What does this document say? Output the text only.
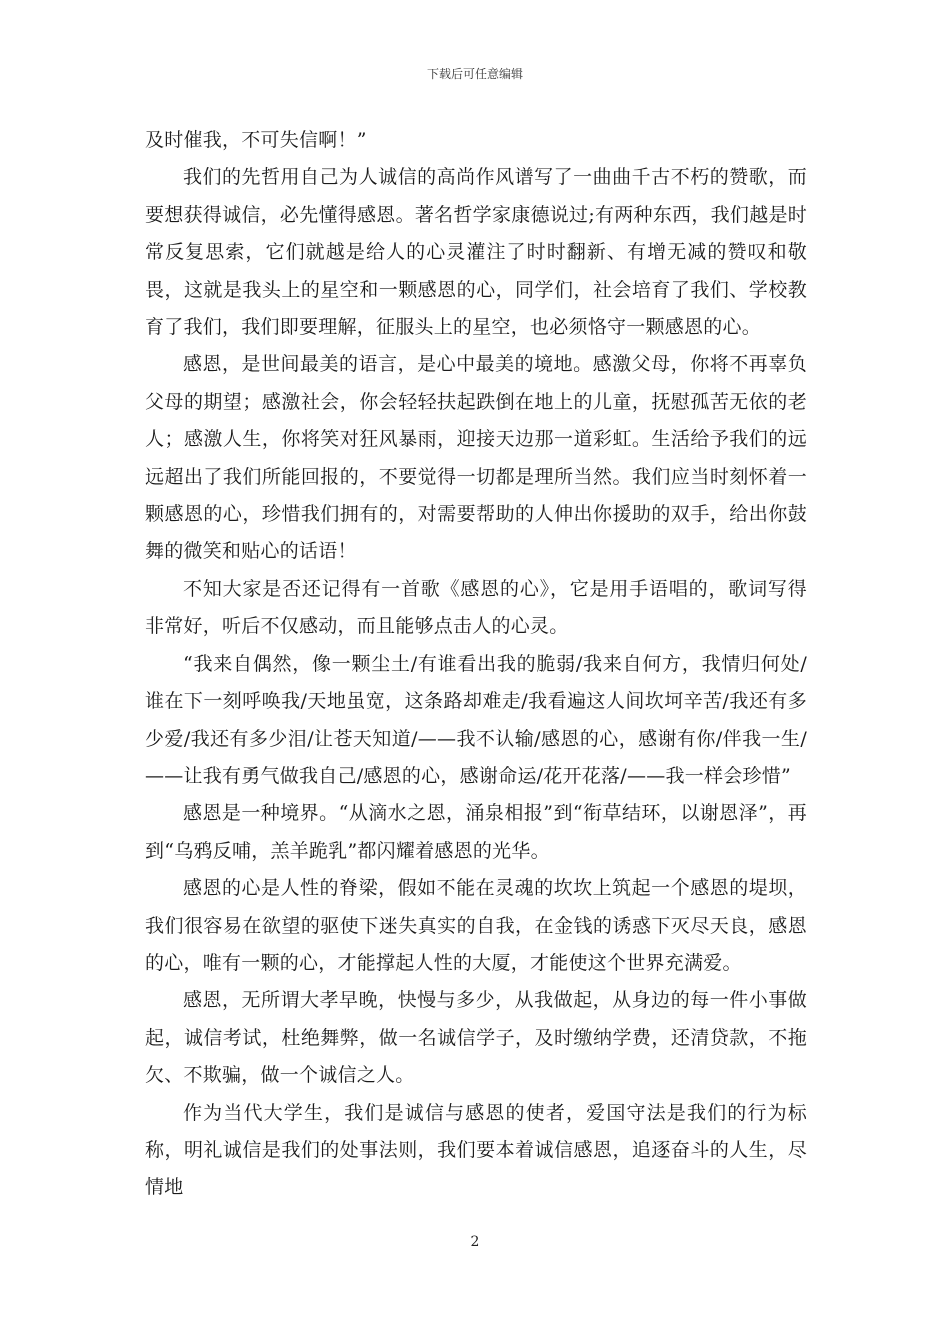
下载后可任意编辑

及时催我，不可失信啊！”

我们的先哲用自己为人诚信的高尚作风谱写了一曲曲千古不朽的赞歌，而要想获得诚信，必先懂得感恩。著名哲学家康德说过;有两种东西，我们越是时常反复思索，它们就越是给人的心灵灌注了时时翻新、有增无减的赞叹和敬畏，这就是我头上的星空和一颗感恩的心，同学们，社会培育了我们、学校教育了我们，我们即要理解，征服头上的星空，也必须恪守一颗感恩的心。

感恩，是世间最美的语言，是心中最美的境地。感激父母，你将不再辜负父母的期望；感激社会，你会轻轻扶起跌倒在地上的儿童，抚慰孤苦无依的老人；感激人生，你将笑对狂风暴雨，迎接天边那一道彩虹。生活给予我们的远远超出了我们所能回报的，不要觉得一切都是理所当然。我们应当时刻怀着一颗感恩的心，珍惜我们拥有的，对需要帮助的人伸出你援助的双手，给出你鼓舞的微笑和贴心的话语！

不知大家是否还记得有一首歌《感恩的心》，它是用手语唱的，歌词写得非常好，听后不仅感动，而且能够点击人的心灵。

“我来自偶然，像一颗尘土/有谁看出我的脆弱/我来自何方，我情归何处/谁在下一刻呼唤我/天地虽宽，这条路却难走/我看遍这人间坎坷辛苦/我还有多少爱/我还有多少泪/让苍天知道/——我不认输/感恩的心，感谢有你/伴我一生/——让我有勇气做我自己/感恩的心，感谢命运/花开花落/——我一样会珍惜”

感恩是一种境界。“从滴水之恩，涌泉相报”到“衔草结环，以谢恩泽”，再到“乌鸦反哺，羔羊跪乳”都闪耀着感恩的光华。

感恩的心是人性的脊梁，假如不能在灵魂的坎坎上筑起一个感恩的堤坝，我们很容易在欲望的驱使下迷失真实的自我，在金钱的诱惑下灭尽天良，感恩的心，唯有一颗的心，才能撑起人性的大厦，才能使这个世界充满爱。

感恩，无所谓大孝早晚，快慢与多少，从我做起，从身边的每一件小事做起，诚信考试，杜绝舞弊，做一名诚信学子，及时缴纳学费，还清贷款，不拖欠、不欺骗，做一个诚信之人。

作为当代大学生，我们是诚信与感恩的使者，爱国守法是我们的行为标称，明礼诚信是我们的处事法则，我们要本着诚信感恩，追逐奋斗的人生，尽情地

2
